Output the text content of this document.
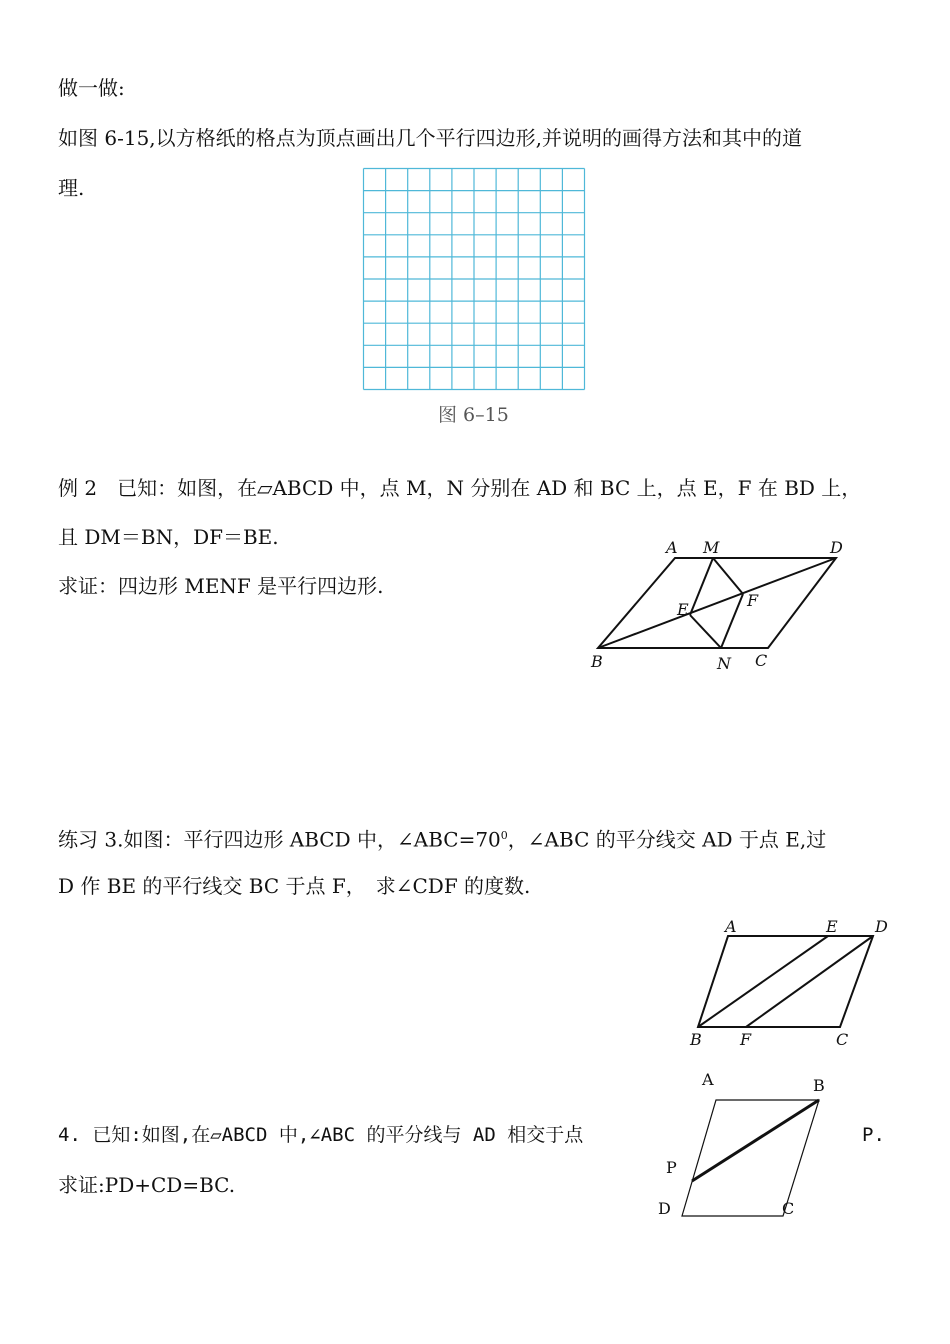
做一做:
如图 6-15,以方格纸的格点为顶点画出几个平行四边形,并说明的画得方法和其中的道
理.
图 6–15
例 2　已知：如图，在▱ABCD 中，点 M，N 分别在 AD 和 BC 上，点 E，F 在 BD 上，
且 DM＝BN，DF＝BE.
求证：四边形 MENF 是平行四边形.
A M	D
E	F
B	N C
练习 3.如图：平行四边形 ABCD 中，$\angle ABC=70^0$，∠ABC 的平分线交 AD 于点 E,过
D 作 BE 的平行线交 BC 于点 F，　求∠CDF 的度数.
A	E D
B F	C
4. 已知:如图,在▱ABCD 中,∠ABC 的平分线与 AD 相交于点	P.
求证:PD+CD=BC.
A	B
P
D	C
